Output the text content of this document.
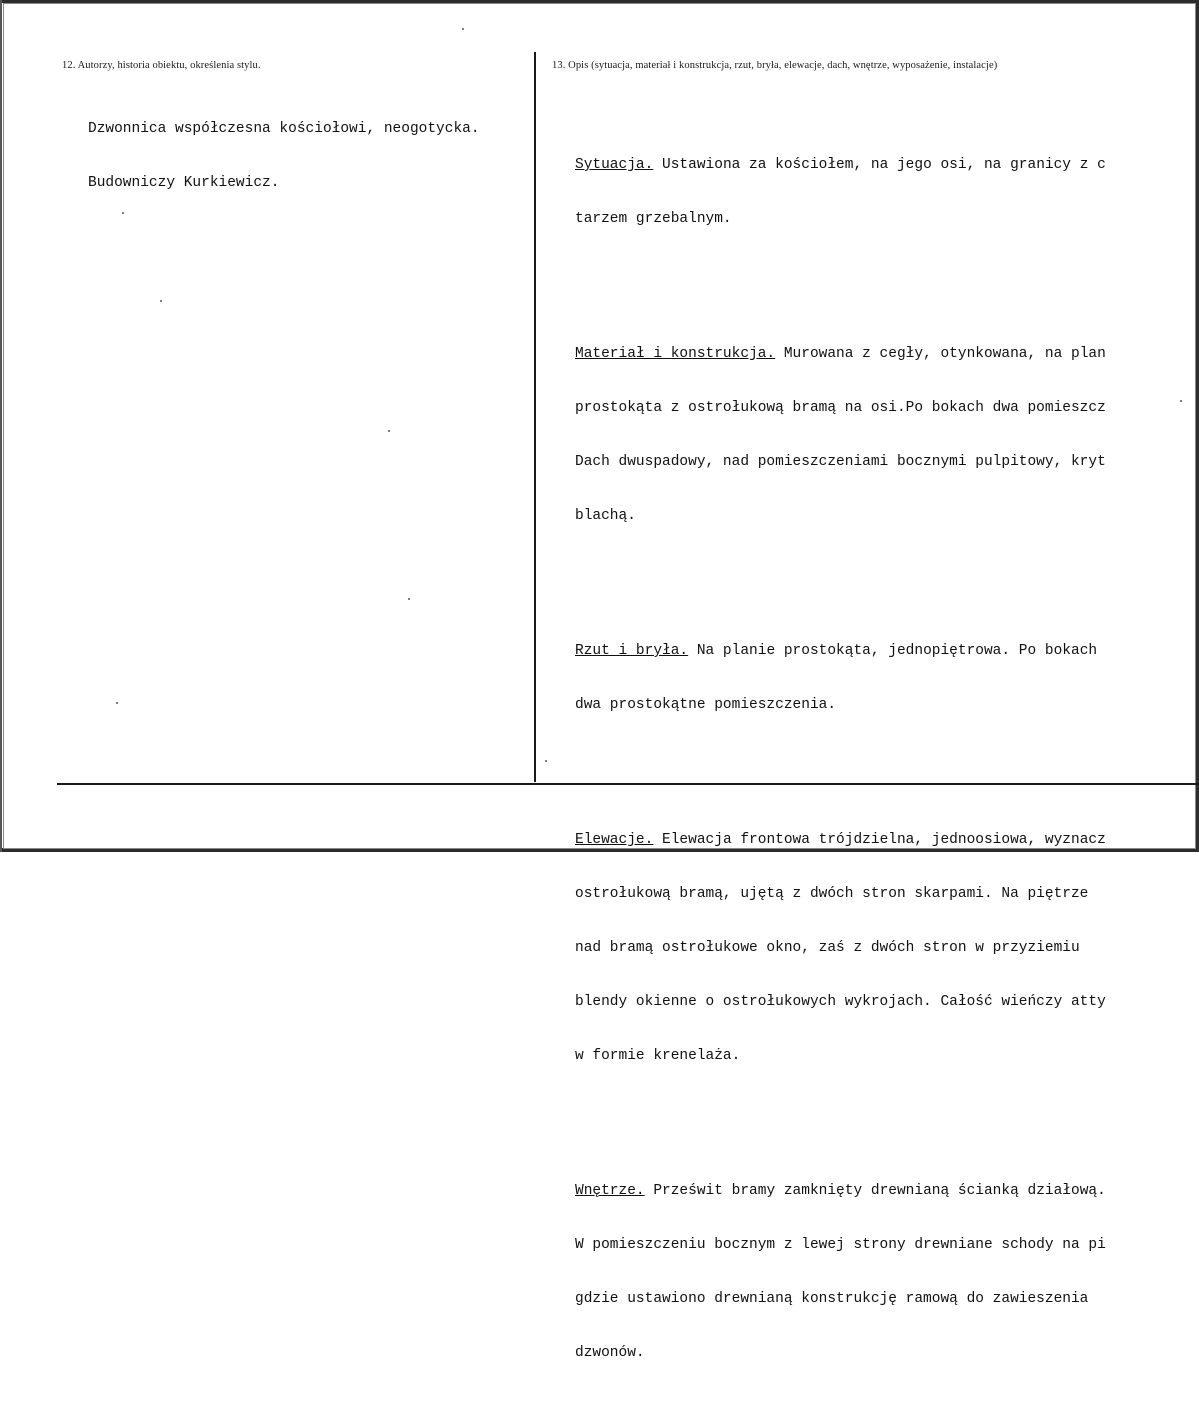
12. Autorzy, historia obiektu, określenia stylu.	13. Opis (sytuacja, materiał i konstrukcja, rzut, bryła, elewacje, dach, wnętrze, wyposażenie, instalacje)

Dzwonnica współczesna kościołowi, neogotycka.

Budowniczy Kurkiewicz.

Sytuacja. Ustawiona za kościołem, na jego osi, na granicy z c

tarzem grzebalnym.

Materiał i konstrukcja. Murowana z cegły, otynkowana, na plan

prostokąta z ostrołukową bramą na osi.Po bokach dwa pomieszcz

Dach dwuspadowy, nad pomieszczeniami bocznymi pulpitowy, kryt

blachą.

Rzut i bryła. Na planie prostokąta, jednopiętrowa. Po bokach

dwa prostokątne pomieszczenia.

Elewacje. Elewacja frontowa trójdzielna, jednoosiowa, wyznacz

ostrołukową bramą, ujętą z dwóch stron skarpami. Na piętrze

nad bramą ostrołukowe okno, zaś z dwóch stron w przyziemiu

blendy okienne o ostrołukowych wykrojach. Całość wieńczy atty

w formie krenelaża.

Wnętrze. Prześwit bramy zamknięty drewnianą ścianką działową.

W pomieszczeniu bocznym z lewej strony drewniane schody na pi

gdzie ustawiono drewnianą konstrukcję ramową do zawieszenia

dzwonów.
